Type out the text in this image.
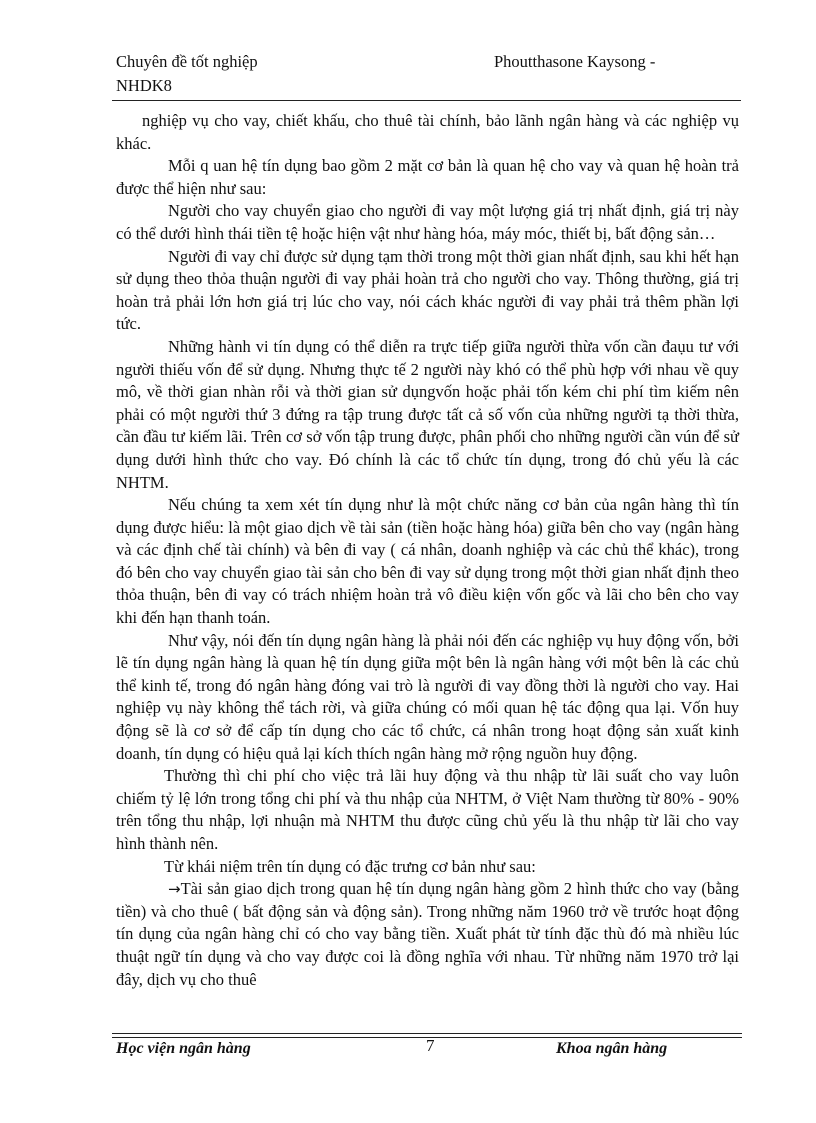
Chuyên đề tốt nghiệp	Phoutthasone Kaysong -
NHDK8

nghiệp vụ cho vay, chiết khấu, cho thuê tài chính, bảo lãnh ngân hàng và các nghiệp vụ khác.

Mỗi q uan hệ tín dụng bao gồm 2 mặt cơ bản là quan hệ cho vay và quan hệ hoàn trả được thể hiện như sau:

Người cho vay chuyển giao cho người đi vay một lượng giá trị nhất định, giá trị này có thể dưới hình thái tiền tệ hoặc hiện vật như hàng hóa, máy móc, thiết bị, bất động sản…

Người đi vay chỉ được sử dụng tạm thời trong một thời gian nhất định, sau khi hết hạn sử dụng theo thỏa thuận người đi vay phải hoàn trả cho người cho vay. Thông thường, giá trị hoàn trả phải lớn hơn giá trị lúc cho vay, nói cách khác người đi vay phải trả thêm phần lợi tức.

Những hành vi tín dụng có thể diễn ra trực tiếp giữa người thừa vốn cần đaụu tư với người thiếu vốn để sử dụng. Nhưng thực tế 2 người này khó có thể phù hợp với nhau về quy mô, về thời gian nhàn rỗi và thời gian sử dụngvốn hoặc phải tốn kém chi phí tìm kiếm nên phải có một người thứ 3 đứng ra tập trung được tất cả số vốn của những người tạ thời thừa, cần đầu tư kiếm lãi. Trên cơ sở vốn tập trung được, phân phối cho những người cần vún để sử dụng dưới hình thức cho vay. Đó chính là các tổ chức tín dụng, trong đó chủ yếu là các NHTM.

Nếu chúng ta xem xét tín dụng như là một chức năng cơ bản của ngân hàng thì tín dụng được hiểu: là một giao dịch về tài sản (tiền hoặc hàng hóa) giữa bên cho vay (ngân hàng và các định chế tài chính) và bên đi vay ( cá nhân, doanh nghiệp và các chủ thể khác), trong đó bên cho vay chuyển giao tài sản cho bên đi vay sử dụng trong một thời gian nhất định theo thỏa thuận, bên đi vay có trách nhiệm hoàn trả vô điều kiện vốn gốc và lãi cho bên cho vay khi đến hạn thanh toán.

Như vậy, nói đến tín dụng ngân hàng là phải nói đến các nghiệp vụ huy động vốn, bởi lẽ tín dụng ngân hàng là quan hệ tín dụng giữa một bên là ngân hàng với một bên là các chủ thể kinh tế, trong đó ngân hàng đóng vai trò là người đi vay đồng thời là người cho vay. Hai nghiệp vụ này không thể tách rời, và giữa chúng có mối quan hệ tác động qua lại. Vốn huy động sẽ là cơ sở để cấp tín dụng cho các tổ chức, cá nhân trong hoạt động sản xuất kinh doanh, tín dụng có hiệu quả lại kích thích ngân hàng mở rộng nguồn huy động.

Thường thì chi phí cho việc trả lãi huy động và thu nhập từ lãi suất cho vay luôn chiếm tỷ lệ lớn trong tổng chi phí và thu nhập của NHTM, ở Việt Nam thường từ 80% - 90% trên tổng thu nhập, lợi nhuận mà NHTM thu được cũng chủ yếu là thu nhập từ lãi cho vay hình thành nên.

Từ khái niệm trên tín dụng có đặc trưng cơ bản như sau:

→Tài sản giao dịch trong quan hệ tín dụng ngân hàng gồm 2 hình thức cho vay (bằng tiền) và cho thuê ( bất động sản và động sản). Trong những năm 1960 trở về trước hoạt động tín dụng của ngân hàng chỉ có cho vay bằng tiền. Xuất phát từ tính đặc thù đó mà nhiều lúc thuật ngữ tín dụng và cho vay được coi là đồng nghĩa với nhau. Từ những năm 1970 trở lại đây, dịch vụ cho thuê

Học viện ngân hàng	7	Khoa ngân hàng
